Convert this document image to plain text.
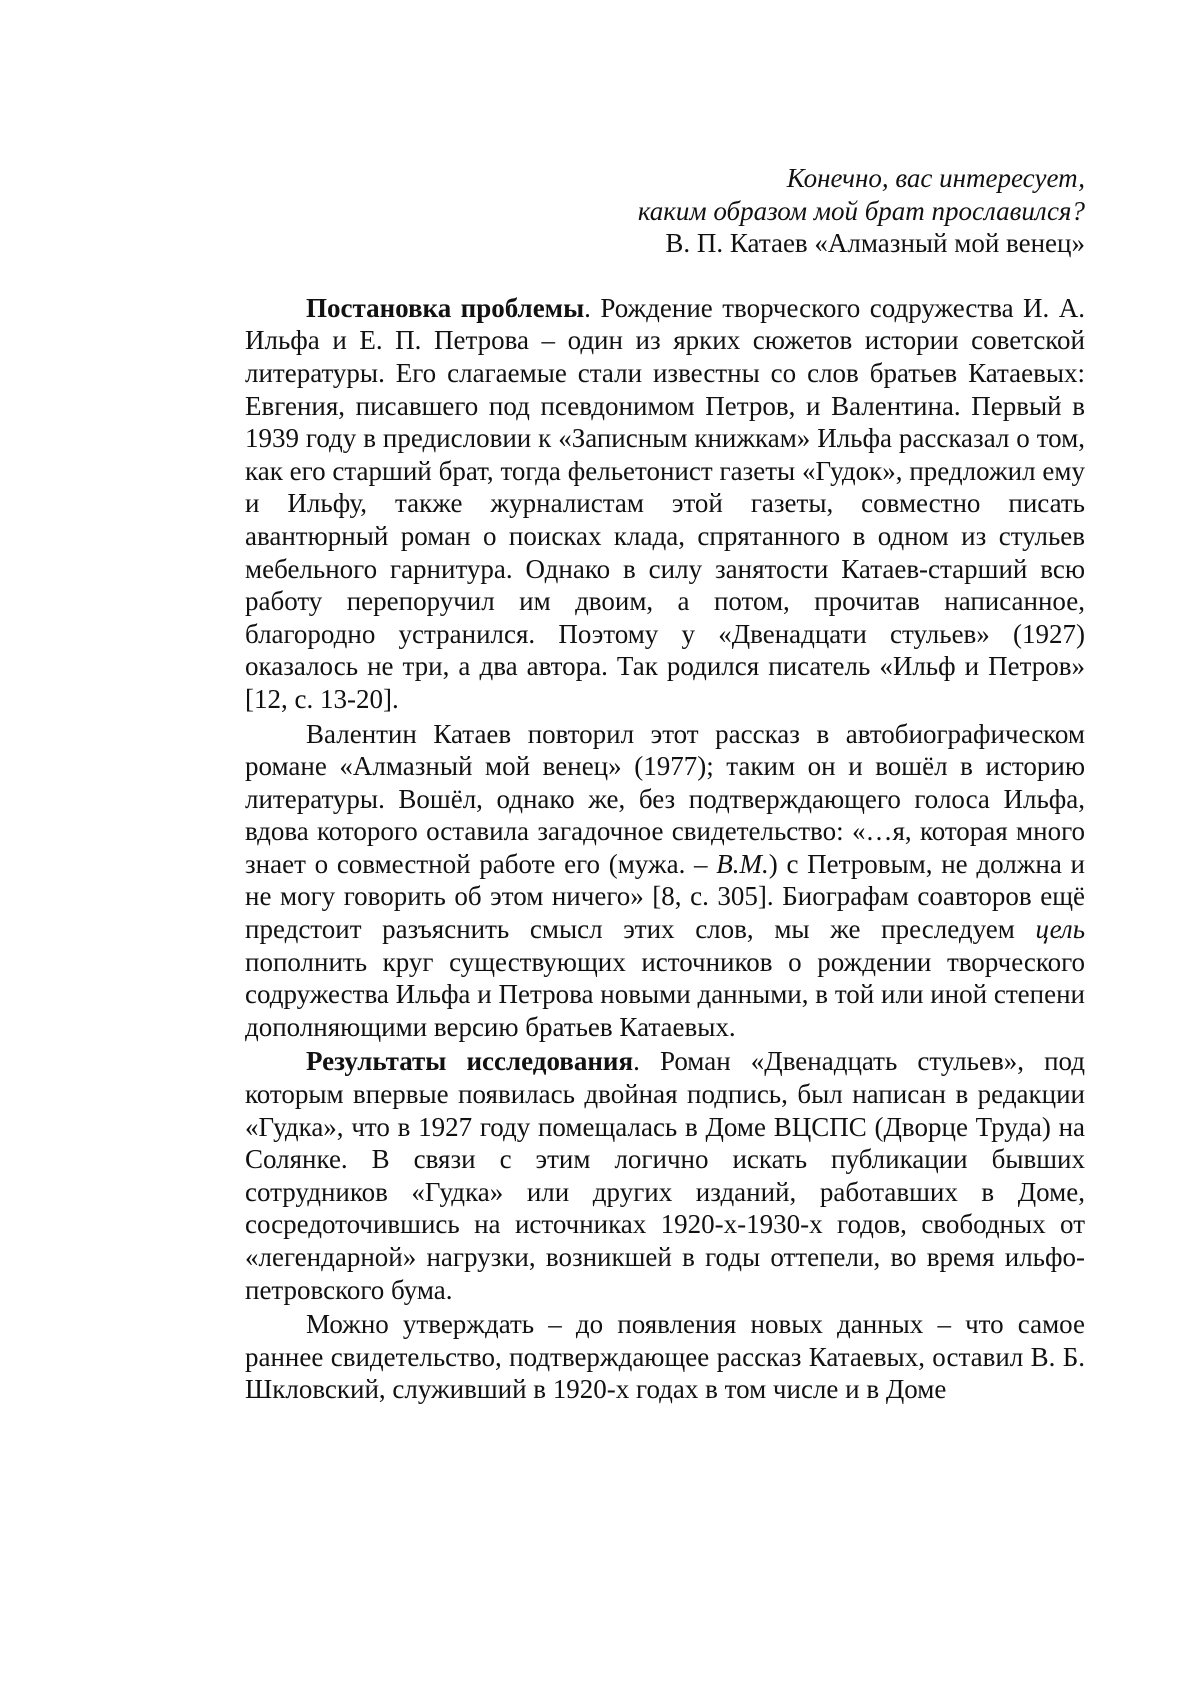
Конечно, вас интересует,
каким образом мой брат прославился?
В. П. Катаев «Алмазный мой венец»

Постановка проблемы. Рождение творческого содружества И. А. Ильфа и Е. П. Петрова – один из ярких сюжетов истории советской литературы. Его слагаемые стали известны со слов братьев Катаевых: Евгения, писавшего под псевдонимом Петров, и Валентина. Первый в 1939 году в предисловии к «Записным книжкам» Ильфа рассказал о том, как его старший брат, тогда фельетонист газеты «Гудок», предложил ему и Ильфу, также журналистам этой газеты, совместно писать авантюрный роман о поисках клада, спрятанного в одном из стульев мебельного гарнитура. Однако в силу занятости Катаев-старший всю работу перепоручил им двоим, а потом, прочитав написанное, благородно устранился. Поэтому у «Двенадцати стульев» (1927) оказалось не три, а два автора. Так родился писатель «Ильф и Петров» [12, с. 13-20].

Валентин Катаев повторил этот рассказ в автобиографическом романе «Алмазный мой венец» (1977); таким он и вошёл в историю литературы. Вошёл, однако же, без подтверждающего голоса Ильфа, вдова которого оставила загадочное свидетельство: «…я, которая много знает о совместной работе его (мужа. – В.М.) с Петровым, не должна и не могу говорить об этом ничего» [8, с. 305]. Биографам соавторов ещё предстоит разъяснить смысл этих слов, мы же преследуем цель пополнить круг существующих источников о рождении творческого содружества Ильфа и Петрова новыми данными, в той или иной степени дополняющими версию братьев Катаевых.

Результаты исследования. Роман «Двенадцать стульев», под которым впервые появилась двойная подпись, был написан в редакции «Гудка», что в 1927 году помещалась в Доме ВЦСПС (Дворце Труда) на Солянке. В связи с этим логично искать публикации бывших сотрудников «Гудка» или других изданий, работавших в Доме, сосредоточившись на источниках 1920-х-1930-х годов, свободных от «легендарной» нагрузки, возникшей в годы оттепели, во время ильфо-петровского бума.

Можно утверждать – до появления новых данных – что самое раннее свидетельство, подтверждающее рассказ Катаевых, оставил В. Б. Шкловский, служивший в 1920-х годах в том числе и в Доме
